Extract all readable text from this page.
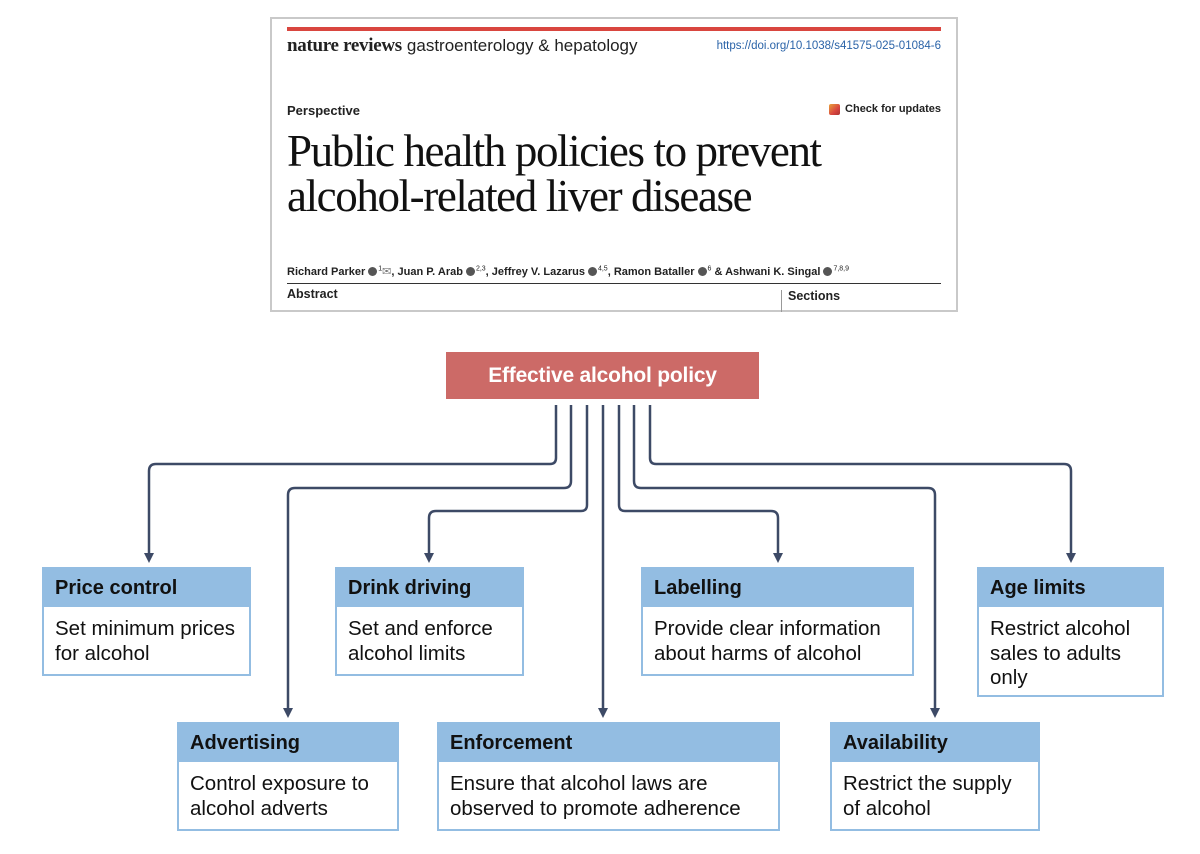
nature reviews gastroenterology & hepatology	https://doi.org/10.1038/s41575-025-01084-6
Perspective	Check for updates
Public health policies to prevent alcohol-related liver disease
Richard Parker $^1$✉, Juan P. Arab $^{2,3}$, Jeffrey V. Lazarus $^{4,5}$, Ramon Bataller $^6$ & Ashwani K. Singal $^{7,8,9}$
Abstract	Sections
Effective alcohol policy
Price control
Set minimum prices for alcohol
Drink driving
Set and enforce alcohol limits
Labelling
Provide clear information about harms of alcohol
Age limits
Restrict alcohol sales to adults only
Advertising
Control exposure to alcohol adverts
Enforcement
Ensure that alcohol laws are observed to promote adherence
Availability
Restrict the supply of alcohol
